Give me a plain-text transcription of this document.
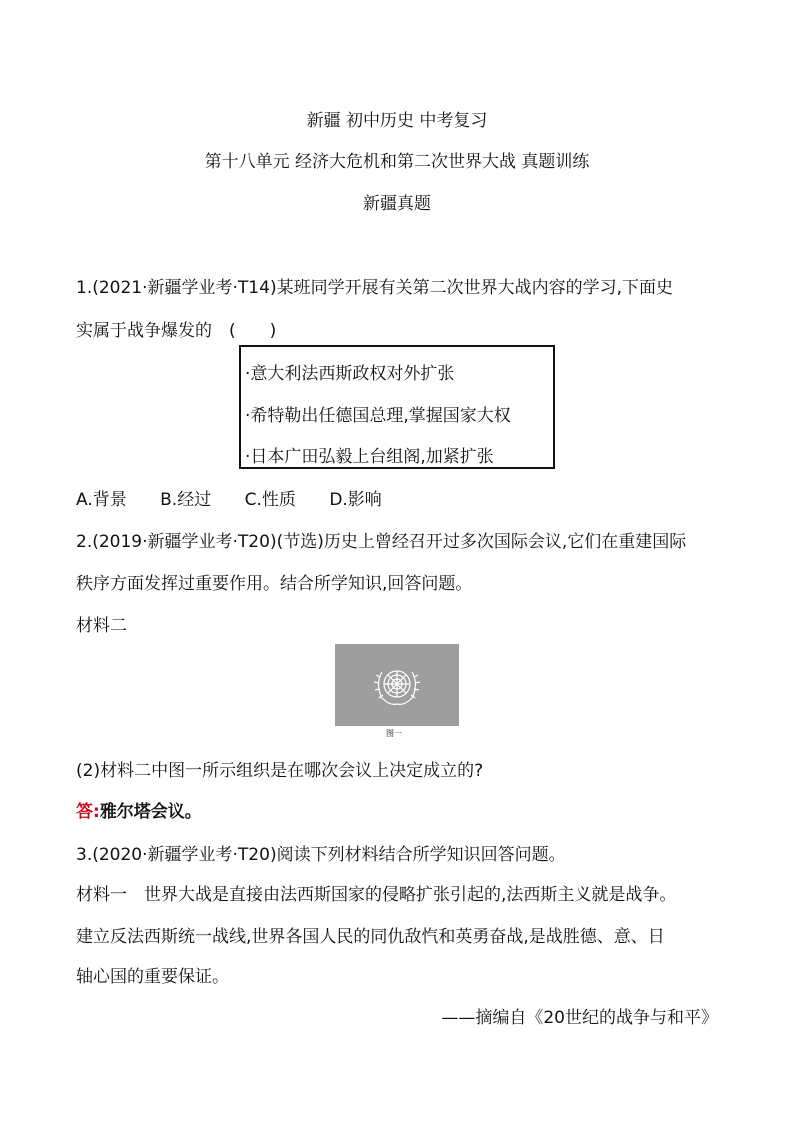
新疆 初中历史 中考复习
第十八单元 经济大危机和第二次世界大战 真题训练
新疆真题
1.(2021·新疆学业考·T14)某班同学开展有关第二次世界大战内容的学习,下面史
实属于战争爆发的　(　　)
·意大利法西斯政权对外扩张
·希特勒出任德国总理,掌握国家大权
·日本广田弘毅上台组阁,加紧扩张
A.背景 B.经过 C.性质 D.影响
2.(2019·新疆学业考·T20)(节选)历史上曾经召开过多次国际会议,它们在重建国际
秩序方面发挥过重要作用。结合所学知识,回答问题。
材料二
图一
(2)材料二中图一所示组织是在哪次会议上决定成立的?
答:雅尔塔会议。
3.(2020·新疆学业考·T20)阅读下列材料结合所学知识回答问题。
材料一　世界大战是直接由法西斯国家的侵略扩张引起的,法西斯主义就是战争。
建立反法西斯统一战线,世界各国人民的同仇敌忾和英勇奋战,是战胜德、意、日
轴心国的重要保证。
——摘编自《20世纪的战争与和平》
